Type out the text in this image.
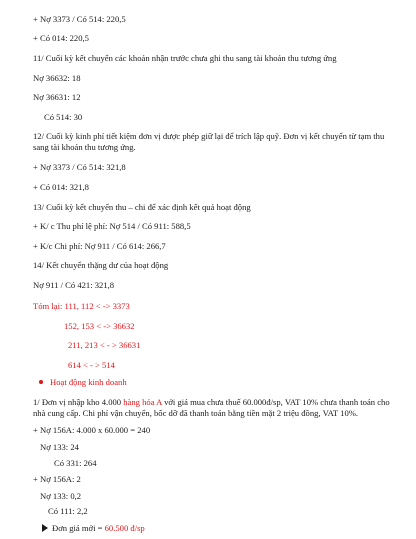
+ Nợ 3373 / Có 514: 220,5
+ Có 014: 220,5
11/ Cuối kỳ kết chuyển các khoản nhận trước chưa ghi thu sang tài khoản thu tương ứng
Nợ 36632: 18
Nợ 36631: 12
Có 514: 30
12/ Cuối kỳ kinh phí tiết kiệm đơn vị được phép giữ lại để trích lập quỹ. Đơn vị kết chuyển từ tạm thu sang tài khoản thu tương ứng.
+ Nợ 3373 / Có 514: 321,8
+ Có 014: 321,8
13/ Cuối kỳ kết chuyển thu – chi để xác định kết quả hoạt động
+ K/ c Thu phí lệ phí: Nợ 514 / Có 911: 588,5
+ K/c Chi phí: Nợ 911 / Có 614: 266,7
14/ Kết chuyển thặng dư của hoạt động
Nợ 911 / Có 421: 321,8
Tóm lại: 111, 112 < -> 3373
152, 153 < -> 36632
211, 213 < - > 36631
614 < - > 514
Hoạt động kinh doanh
1/ Đơn vị nhập kho 4.000 hàng hóa A với giá mua chưa thuế 60.000đ/sp, VAT 10% chưa thanh toán cho nhà cung cấp. Chi phí vận chuyển, bốc dỡ đã thanh toán bằng tiền mặt 2 triệu đồng, VAT 10%.
+ Nợ 156A: 4.000 x 60.000 = 240
Nợ 133: 24
Có 331: 264
+ Nợ 156A: 2
Nợ 133: 0,2
Có 111: 2,2
Đơn giá mới = 60.500 đ/sp
